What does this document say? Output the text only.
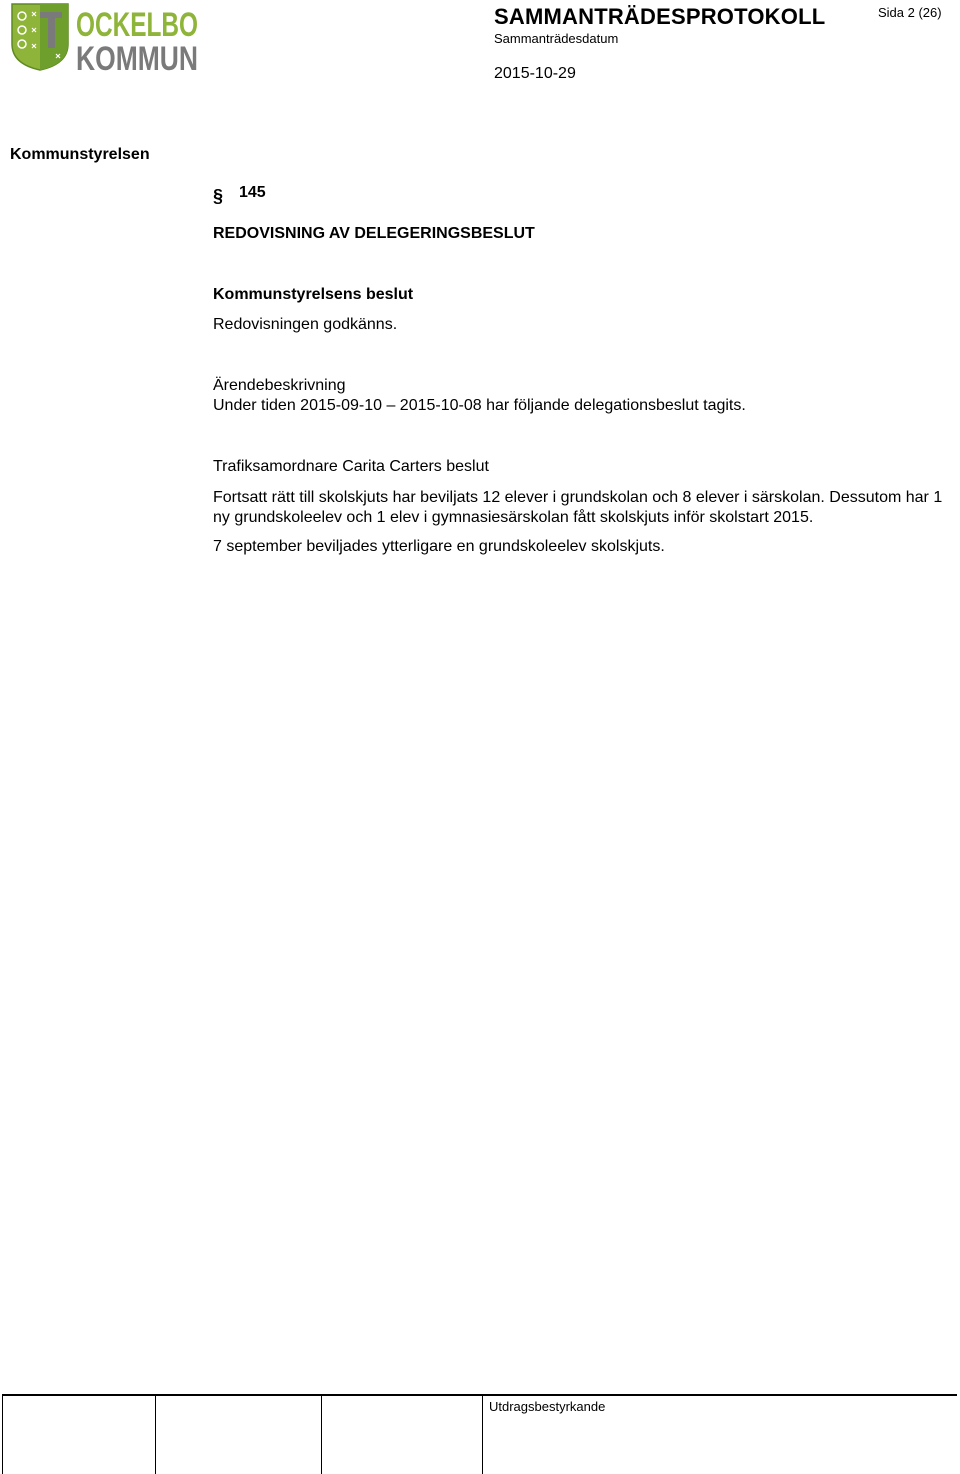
OCKELBO
KOMMUN
SAMMANTRÄDESPROTOKOLL
Sammanträdesdatum
2015-10-29
Sida 2 (26)
Kommunstyrelsen
§ 145
REDOVISNING AV DELEGERINGSBESLUT
Kommunstyrelsens beslut
Redovisningen godkänns.
Ärendebeskrivning
Under tiden 2015-09-10 – 2015-10-08 har följande delegationsbeslut tagits.
Trafiksamordnare Carita Carters beslut
Fortsatt rätt till skolskjuts har beviljats 12 elever i grundskolan och 8 elever i särskolan. Dessutom har 1 ny grundskoleelev och 1 elev i gymnasiesärskolan fått skolskjuts inför skolstart 2015.
7 september beviljades ytterligare en grundskoleelev skolskjuts.
Utdragsbestyrkande
